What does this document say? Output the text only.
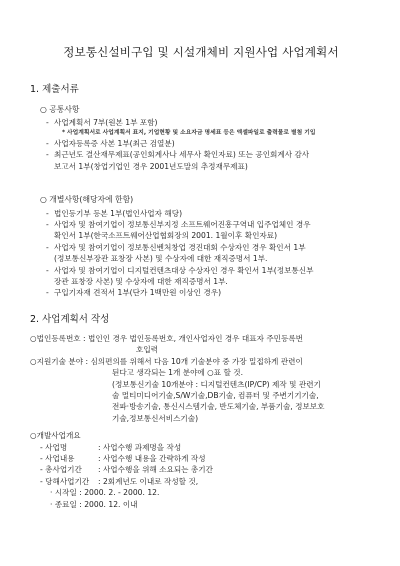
정보통신설비구입 및 시설개체비 지원사업 사업계획서
1. 제출서류
○ 공통사항
- 사업계획서 7부(원본 1부 포함)
* 사업계획서로 사업계획서 표지, 기업현황 및 소요자금 명세표 등은 엑셀파일로 출력물로 별첨 기입
- 사업자등록증 사본 1부(최근 검열분)
- 최근년도 결산재무제표(공인회계사나 세무사 확인자료) 또는 공인회계사 감사
보고서 1부(창업기업인 경우 2001년도말의 추정재무제표)
○ 개별사항(해당자에 한함)
- 법인등기부 등본 1부(법인사업자 해당)
- 사업자 및 참여기업이 정보통신부지정 소프트웨어진흥구역내 입주업체인 경우
확인서 1부(한국소프트웨어산업협회장의 2001. 1월이후 확인자료)
- 사업자 및 참여기업이 정보통신벤처창업 경진대회 수상자인 경우 확인서 1부
(정보통신부장관 표창장 사본) 및 수상자에 대한 재직증명서 1부.
- 사업자 및 참여기업이 디지털컨텐츠대상 수상자인 경우 확인서 1부(정보통신부
장관 표창장 사본) 및 수상자에 대한 재직증명서 1부.
- 구입기자재 견적서 1부(단가 1백만원 이상인 경우)
2. 사업계획서 작성
○법인등록번호 : 법인인 경우 법인등록번호, 개인사업자인 경우 대표자 주민등록번
호입력
○지원기술 분야 : 심의편의를 위해서 다음 10개 기술분야 중 가장 밀접하게 관련이
된다고 생각되는 1개 분야에 ○표 할 것.
(정보통신기술 10개분야 : 디지털컨텐츠(IP/CP) 제작 및 관련기
술 멀티미디어기술,S/W기술,DB기술, 컴퓨터 및 주변기기기술,
전파·방송기술, 통신시스템기술, 반도체기술, 부품기술, 정보보호
기술,정보통신서비스기술)
○개발사업개요
- 사업명	: 사업수행 과제명을 작성
- 사업내용	: 사업수행 내용을 간략하게 작성
- 총사업기간 : 사업수행을 위해 소요되는 총기간
- 당해사업기간 : 2회계년도 이내로 작성할 것,
· 시작일 : 2000. 2. - 2000. 12.
· 종료일 : 2000. 12. 이내
